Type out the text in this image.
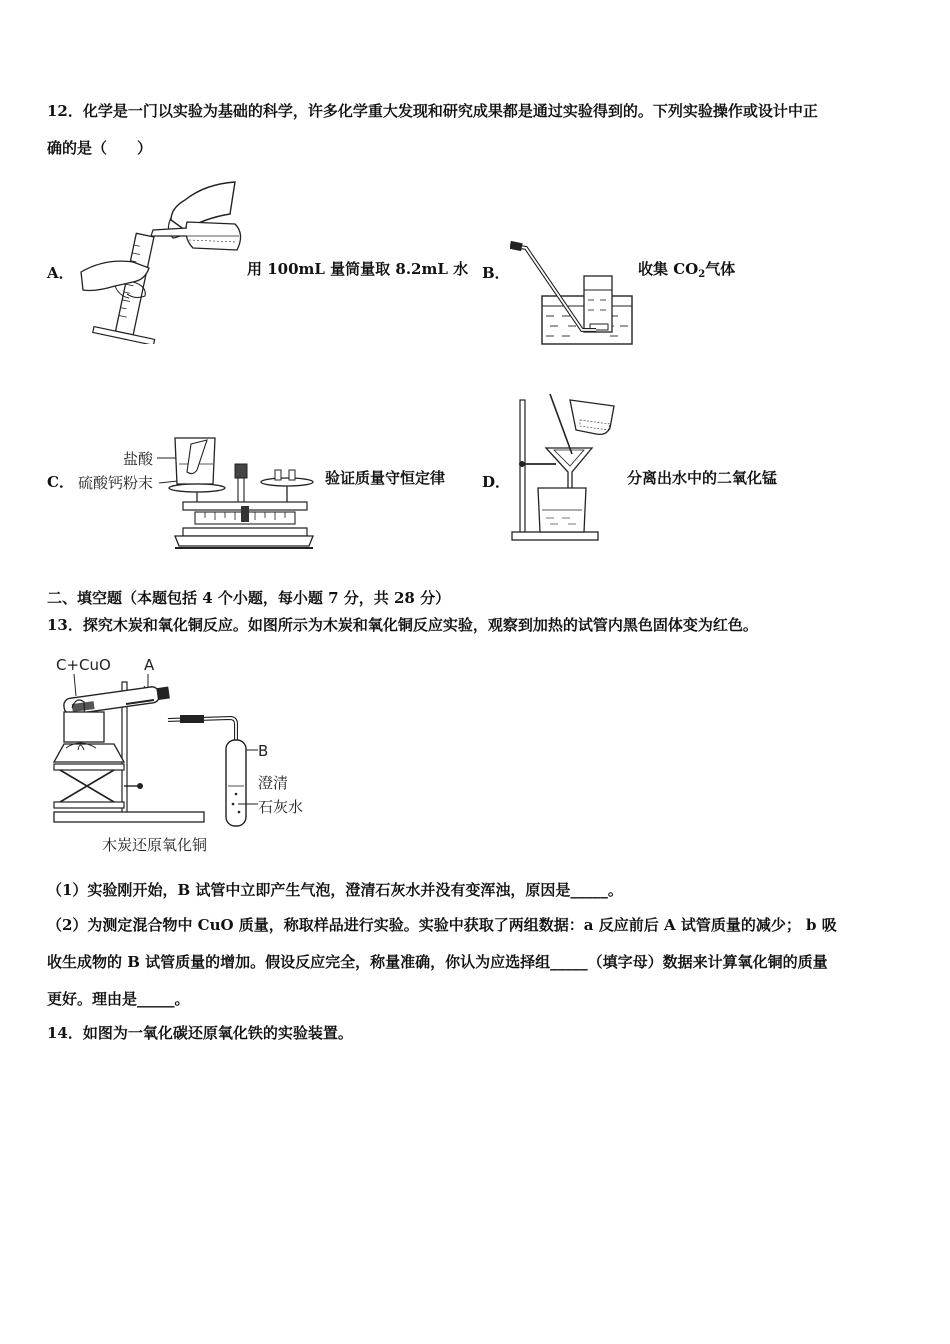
12．化学是一门以实验为基础的科学，许多化学重大发现和研究成果都是通过实验得到的。下列实验操作或设计中正
确的是（　　）
A．	用 100mL 量筒量取 8.2mL 水 B．	收集 $CO_2$气体
C．
盐酸
硫酸钙粉末	验证质量守恒定律 D．	分离出水中的二氧化锰
二、填空题（本题包括 4 个小题，每小题 7 分，共 28 分）
13．探究木炭和氧化铜反应。如图所示为木炭和氧化铜反应实验，观察到加热的试管内黑色固体变为红色。
C+CuO A
B
澄清
石灰水
木炭还原氧化铜
（1）实验刚开始，B 试管中立即产生气泡，澄清石灰水并没有变浑浊，原因是_____。
（2）为测定混合物中 CuO 质量，称取样品进行实验。实验中获取了两组数据：a 反应前后 A 试管质量的减少； b 吸
收生成物的 B 试管质量的增加。假设反应完全，称量准确，你认为应选择组_____（填字母）数据来计算氧化铜的质量
更好。理由是_____。
14．如图为一氧化碳还原氧化铁的实验装置。
